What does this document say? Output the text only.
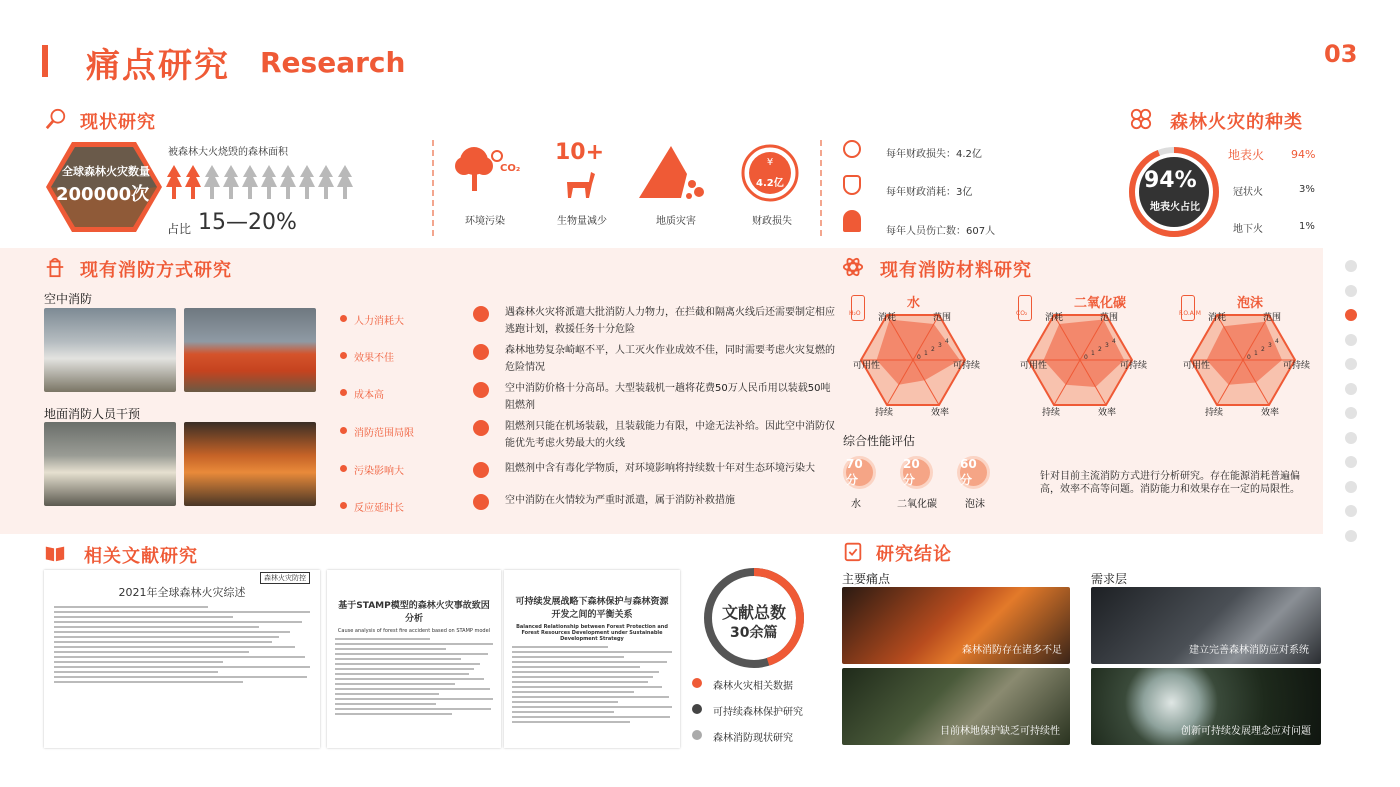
痛点研究 Research	03
现状研究
全球森林火灾数量
200000次
被森林大火烧毁的森林面积
占比 15—20%
CO₂
环境污染
10+
生物量减少	地质灾害
¥
4.2亿
财政损失
每年财政损失：4.2亿
每年财政消耗：3亿
每年人员伤亡数：607人
森林火灾的种类
94%
地表火占比
地表火 94%
冠状火	3%
地下火	1%
现有消防方式研究
空中消防
地面消防人员干预
人力消耗大
效果不佳
成本高
消防范围局限
污染影响大
反应延时长
遇森林火灾将派遣大批消防人力物力，在拦截和隔离火线后还需要制定相应逃跑计划，救援任务十分危险
森林地势复杂崎岖不平，人工灭火作业成效不佳，同时需要考虑火灾复燃的危险情况
空中消防价格十分高昂。大型装载机一趟将花费50万人民币用以装载50吨阻燃剂
阻燃剂只能在机场装载，且装载能力有限，中途无法补给。因此空中消防仅能优先考虑火势最大的火线
阻燃剂中含有毒化学物质，对环境影响将持续数十年对生态环境污染大
空中消防在火情较为严重时派遣，属于消防补救措施
现有消防材料研究
水
H₂O 消耗	范围
可持续
效率
持续
可用性
0
1
2
3
4
二氧化碳
CO₂ 消耗	范围
可持续
效率
持续
可用性
0
1
2
3
4
泡沫
F.O.A.M 消耗	范围
可持续
效率
持续
可用性
0
1
2
3
4
综合性能评估
70分
水
20分
二氧化碳
60分
泡沫
针对目前主流消防方式进行分析研究。存在能源消耗普遍偏高，效率不高等问题。消防能力和效果存在一定的局限性。
相关文献研究
森林火灾防控
2021年全球森林火灾综述
基于STAMP模型的森林火灾事故致因分析
Cause analysis of forest fire accident based on STAMP model
可持续发展战略下森林保护与森林资源开发之间的平衡关系
Balanced Relationship between Forest Protection and Forest Resources Development under Sustainable Development Strategy
文献总数
30余篇
森林火灾相关数据
可持续森林保护研究
森林消防现状研究
研究结论
主要痛点	需求层
森林消防存在诸多不足	建立完善森林消防应对系统
目前林地保护缺乏可持续性	创新可持续发展理念应对问题
